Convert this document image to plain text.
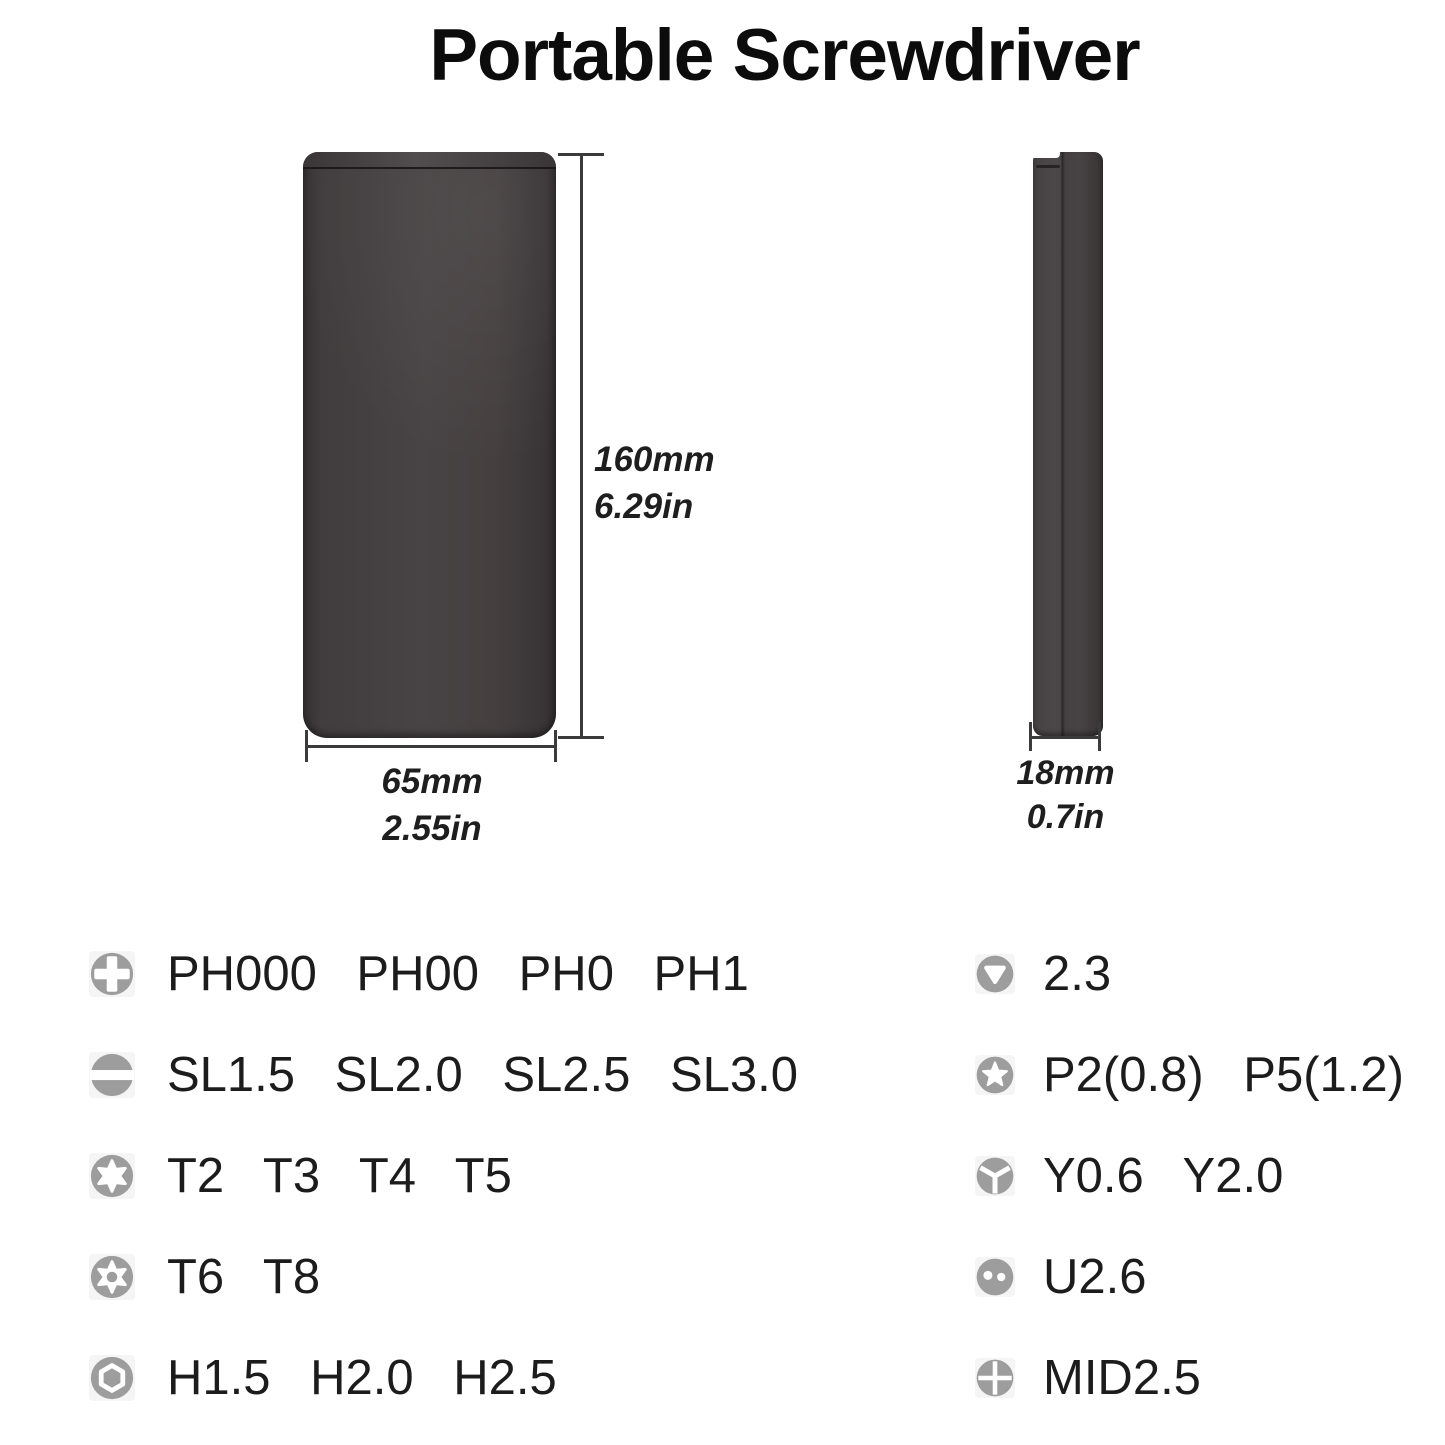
Portable Screwdriver
160mm
6.29in
65mm
2.55in
18mm
0.7in
PH000 PH00 PH0 PH1
SL1.5 SL2.0 SL2.5 SL3.0
T2 T3 T4 T5
T6 T8
H1.5 H2.0 H2.5
2.3
P2(0.8) P5(1.2)
Y0.6 Y2.0
U2.6
MID2.5
